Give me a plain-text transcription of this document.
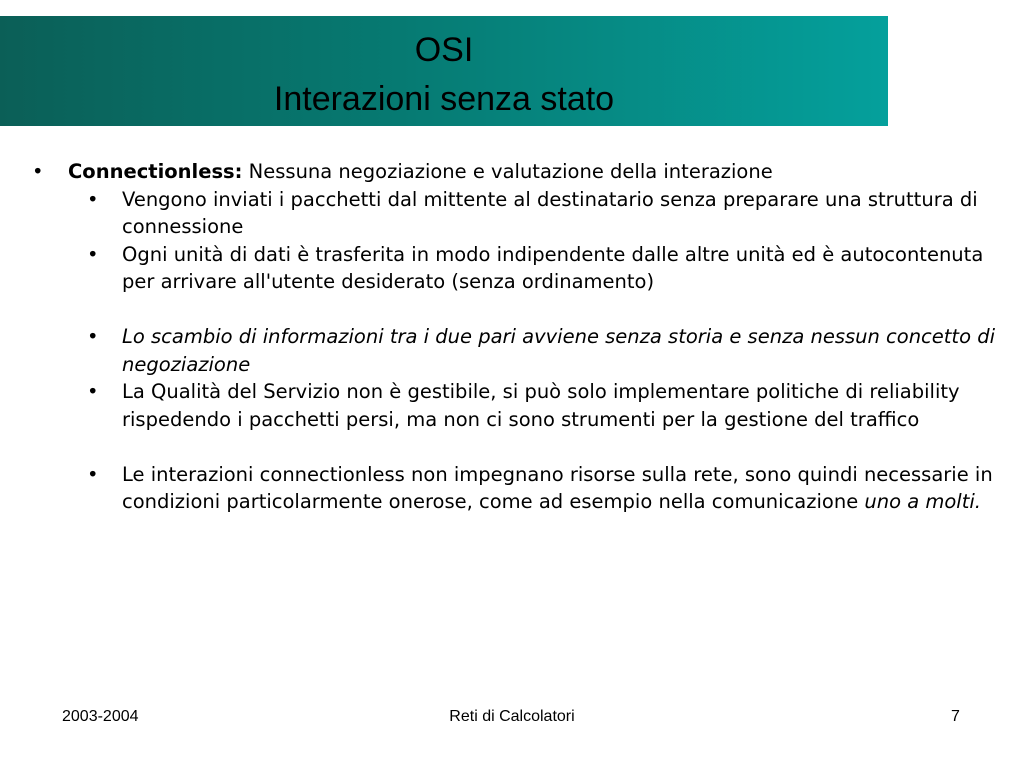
OSI
Interazioni senza stato
• Connectionless: Nessuna negoziazione e valutazione della interazione
• Vengono inviati i pacchetti dal mittente al destinatario senza preparare una struttura di connessione
• Ogni unità di dati è trasferita in modo indipendente dalle altre unità ed è autocontenuta per arrivare all'utente desiderato (senza ordinamento)
• Lo scambio di informazioni tra i due pari avviene senza storia e senza nessun concetto di negoziazione
• La Qualità del Servizio non è gestibile, si può solo implementare politiche di reliability rispedendo i pacchetti persi, ma non ci sono strumenti per la gestione del traffico
• Le interazioni connectionless non impegnano risorse sulla rete, sono quindi necessarie in condizioni particolarmente onerose, come ad esempio nella comunicazione uno a molti.
2003-2004	Reti di Calcolatori	7
